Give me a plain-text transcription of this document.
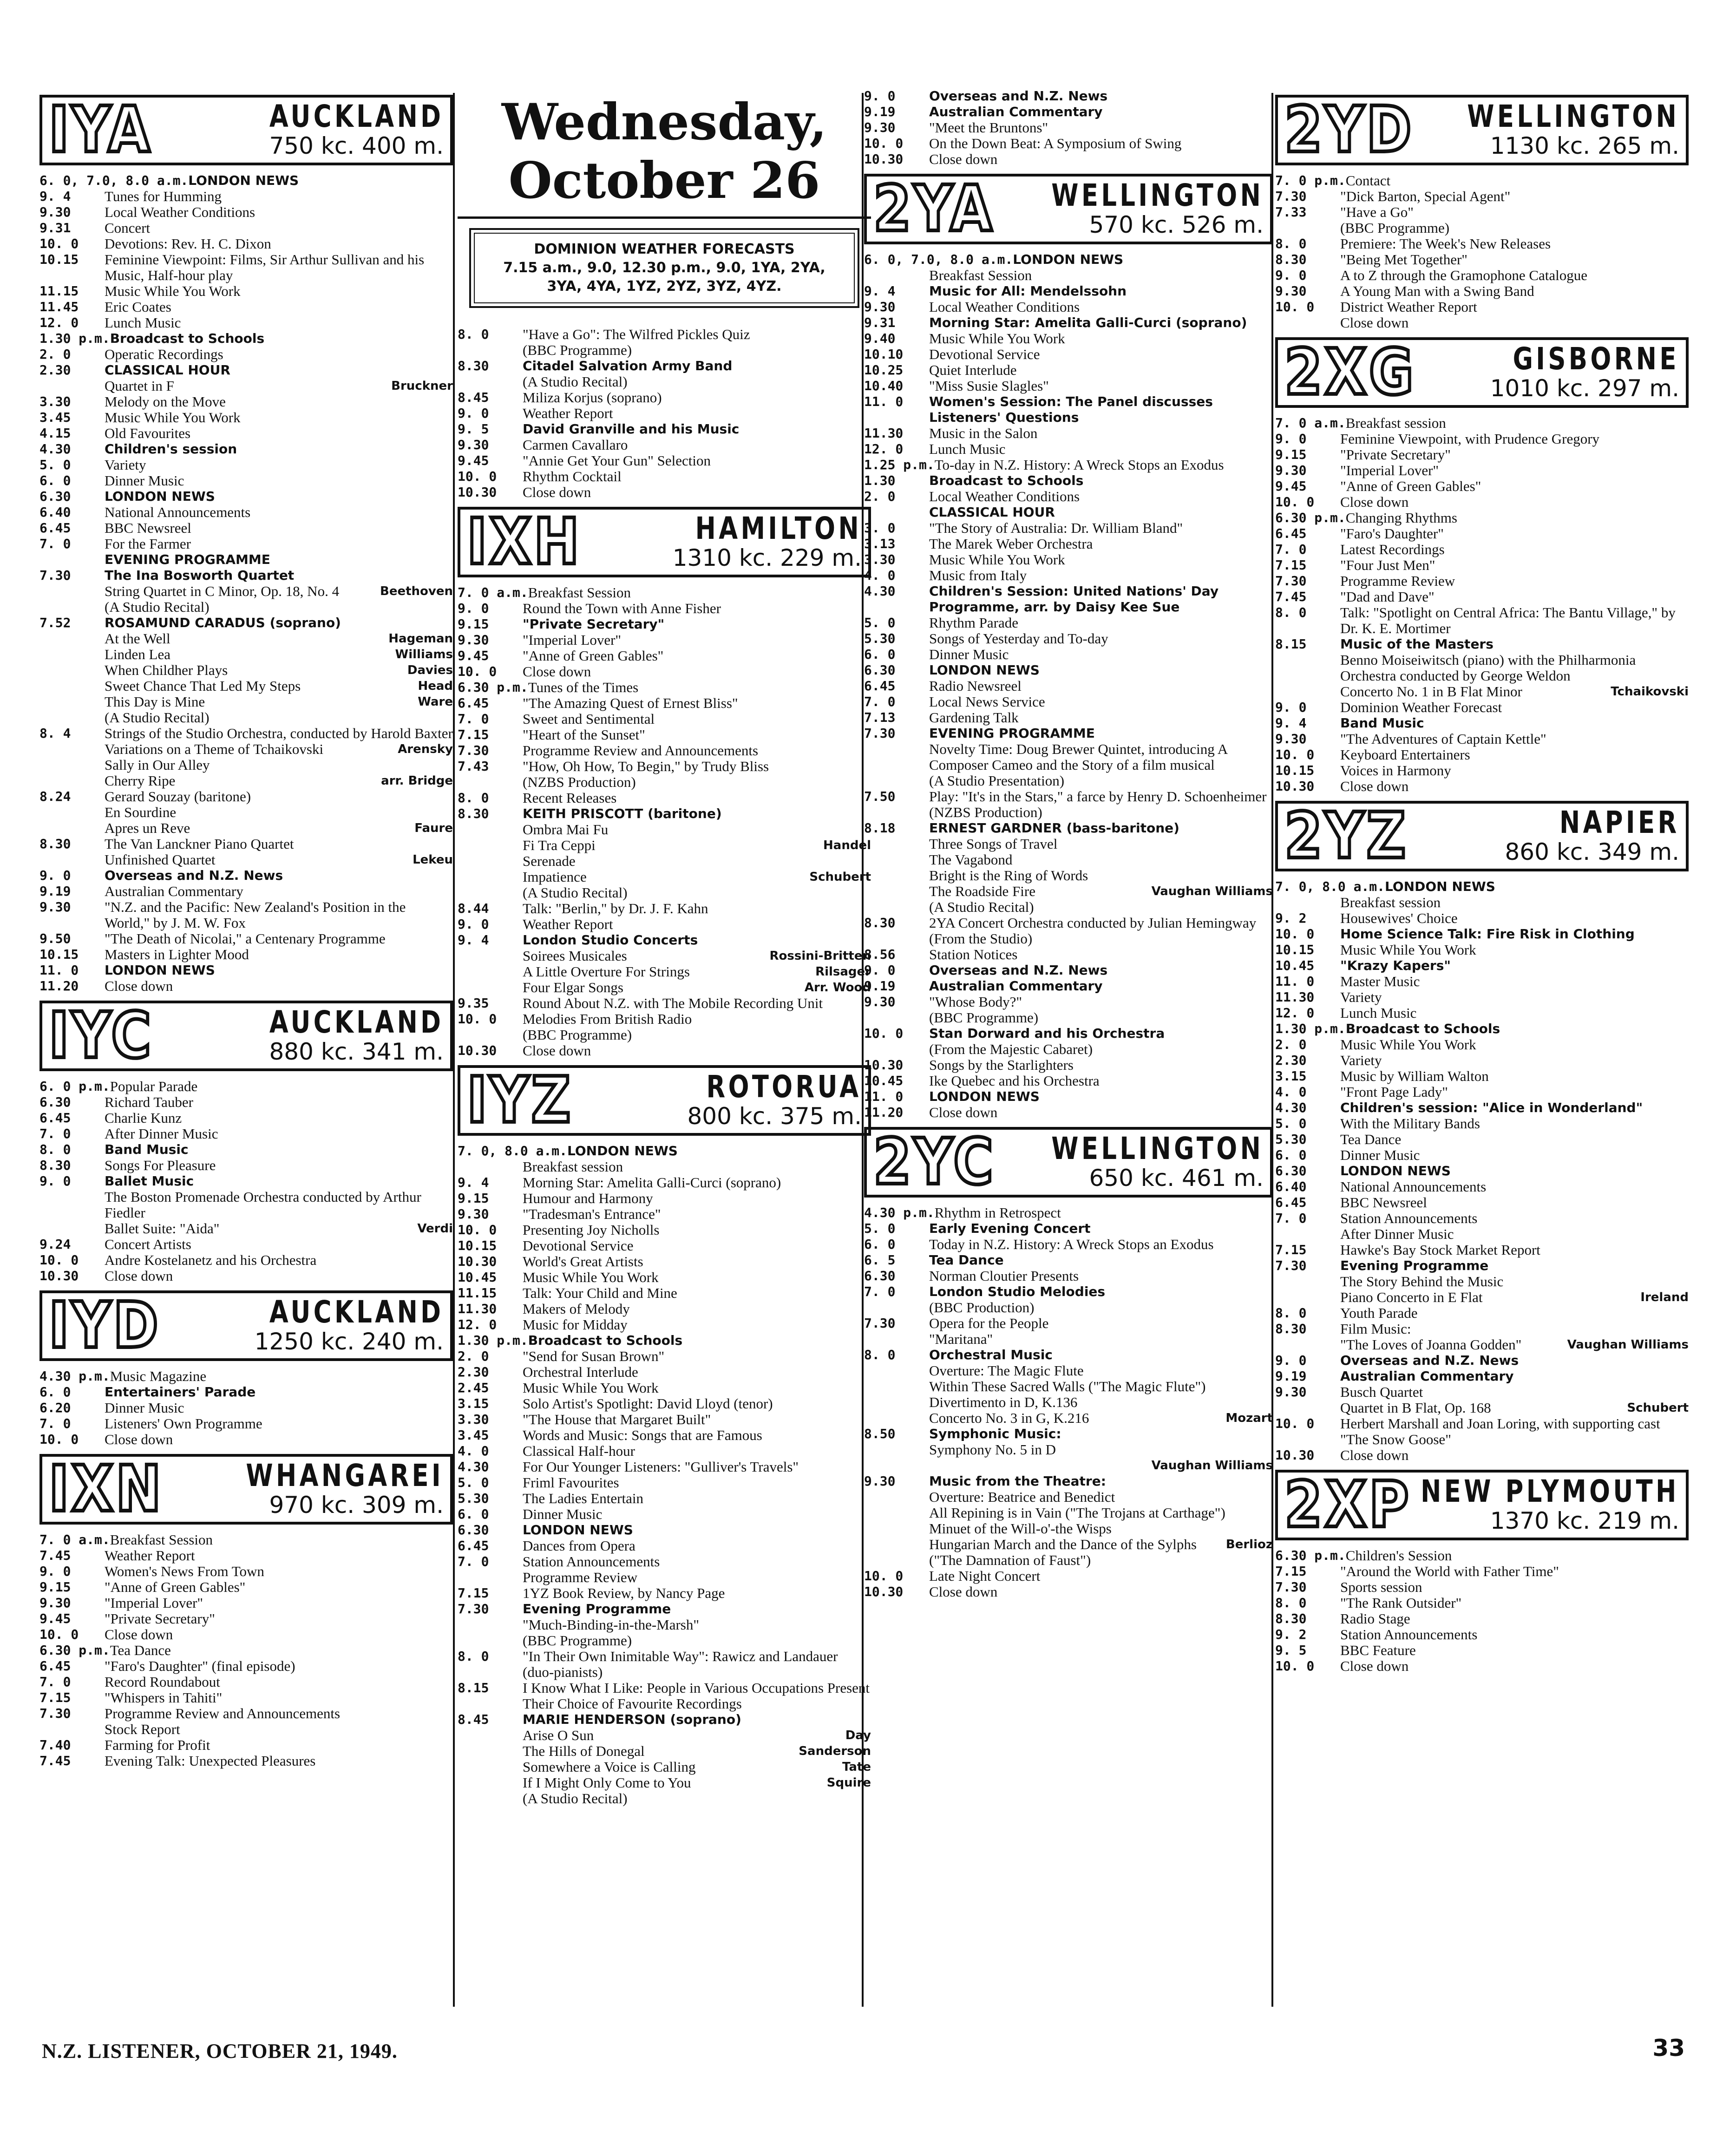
IYA	AUCKLAND
750 kc. 400 m.
6. 0, 7.0, 8.0 a.m. LONDON NEWS
9. 4	Tunes for Humming
9.30	Local Weather Conditions
9.31	Concert
10. 0	Devotions: Rev. H. C. Dixon
10.15	Feminine Viewpoint: Films, Sir Arthur Sullivan and his Music, Half-hour play
11.15	Music While You Work
11.45	Eric Coates
12. 0	Lunch Music
1.30 p.m. Broadcast to Schools
2. 0	Operatic Recordings
2.30	CLASSICAL HOUR
Quartet in F	Bruckner
3.30	Melody on the Move
3.45	Music While You Work
4.15	Old Favourites
4.30	Children's session
5. 0	Variety
6. 0	Dinner Music
6.30	LONDON NEWS
6.40	National Announcements
6.45	BBC Newsreel
7. 0	For the Farmer
EVENING PROGRAMME
7.30	The Ina Bosworth Quartet
String Quartet in C Minor, Op. 18, No. 4	Beethoven
(A Studio Recital)
7.52	ROSAMUND CARADUS (soprano)
At the Well	Hageman
Linden Lea	Williams
When Childher Plays	Davies
Sweet Chance That Led My Steps	Head
This Day is Mine	Ware
(A Studio Recital)
8. 4	Strings of the Studio Orchestra, conducted by Harold Baxter
Variations on a Theme of Tchaikovski	Arensky
Sally in Our Alley
Cherry Ripe	arr. Bridge
8.24	Gerard Souzay (baritone)
En Sourdine
Apres un Reve	Faure
8.30	The Van Lanckner Piano Quartet
Unfinished Quartet	Lekeu
9. 0	Overseas and N.Z. News
9.19	Australian Commentary
9.30	"N.Z. and the Pacific: New Zealand's Position in the World," by J. M. W. Fox
9.50	"The Death of Nicolai," a Centenary Programme
10.15	Masters in Lighter Mood
11. 0	LONDON NEWS
11.20	Close down
IYC	AUCKLAND
880 kc. 341 m.
6. 0 p.m. Popular Parade
6.30	Richard Tauber
6.45	Charlie Kunz
7. 0	After Dinner Music
8. 0	Band Music
8.30	Songs For Pleasure
9. 0	Ballet Music
The Boston Promenade Orchestra conducted by Arthur Fiedler
Ballet Suite: "Aida"	Verdi
9.24	Concert Artists
10. 0	Andre Kostelanetz and his Orchestra
10.30	Close down
IYD	AUCKLAND
1250 kc. 240 m.
4.30 p.m. Music Magazine
6. 0	Entertainers' Parade
6.20	Dinner Music
7. 0	Listeners' Own Programme
10. 0	Close down
IXN	WHANGAREI
970 kc. 309 m.
7. 0 a.m. Breakfast Session
7.45	Weather Report
9. 0	Women's News From Town
9.15	"Anne of Green Gables"
9.30	"Imperial Lover"
9.45	"Private Secretary"
10. 0	Close down
6.30 p.m. Tea Dance
6.45	"Faro's Daughter" (final episode)
7. 0	Record Roundabout
7.15	"Whispers in Tahiti"
7.30	Programme Review and Announcements
Stock Report
7.40	Farming for Profit
7.45	Evening Talk: Unexpected Pleasures
Wednesday, October 26
DOMINION WEATHER FORECASTS
7.15 a.m., 9.0, 12.30 p.m., 9.0, 1YA, 2YA, 3YA, 4YA, 1YZ, 2YZ, 3YZ, 4YZ.
8. 0	"Have a Go": The Wilfred Pickles Quiz
(BBC Programme)
8.30	Citadel Salvation Army Band
(A Studio Recital)
8.45	Miliza Korjus (soprano)
9. 0	Weather Report
9. 5	David Granville and his Music
9.30	Carmen Cavallaro
9.45	"Annie Get Your Gun" Selection
10. 0	Rhythm Cocktail
10.30	Close down
IXH	HAMILTON
1310 kc. 229 m.
7. 0 a.m. Breakfast Session
9. 0	Round the Town with Anne Fisher
9.15	"Private Secretary"
9.30	"Imperial Lover"
9.45	"Anne of Green Gables"
10. 0	Close down
6.30 p.m. Tunes of the Times
6.45	"The Amazing Quest of Ernest Bliss"
7. 0	Sweet and Sentimental
7.15	"Heart of the Sunset"
7.30	Programme Review and Announcements
7.43	"How, Oh How, To Begin," by Trudy Bliss
(NZBS Production)
8. 0	Recent Releases
8.30	KEITH PRISCOTT (baritone)
Ombra Mai Fu
Fi Tra Ceppi	Handel
Serenade
Impatience	Schubert
(A Studio Recital)
8.44	Talk: "Berlin," by Dr. J. F. Kahn
9. 0	Weather Report
9. 4	London Studio Concerts
Soirees Musicales	Rossini-Britten
A Little Overture For Strings	Rilsager
Four Elgar Songs	Arr. Wood
9.35	Round About N.Z. with The Mobile Recording Unit
10. 0	Melodies From British Radio
(BBC Programme)
10.30	Close down
IYZ	ROTORUA
800 kc. 375 m.
7. 0, 8.0 a.m. LONDON NEWS
Breakfast session
9. 4	Morning Star: Amelita Galli-Curci (soprano)
9.15	Humour and Harmony
9.30	"Tradesman's Entrance"
10. 0	Presenting Joy Nicholls
10.15	Devotional Service
10.30	World's Great Artists
10.45	Music While You Work
11.15	Talk: Your Child and Mine
11.30	Makers of Melody
12. 0	Music for Midday
1.30 p.m. Broadcast to Schools
2. 0	"Send for Susan Brown"
2.30	Orchestral Interlude
2.45	Music While You Work
3.15	Solo Artist's Spotlight: David Lloyd (tenor)
3.30	"The House that Margaret Built"
3.45	Words and Music: Songs that are Famous
4. 0	Classical Half-hour
4.30	For Our Younger Listeners: "Gulliver's Travels"
5. 0	Friml Favourites
5.30	The Ladies Entertain
6. 0	Dinner Music
6.30	LONDON NEWS
6.45	Dances from Opera
7. 0	Station Announcements
Programme Review
7.15	1YZ Book Review, by Nancy Page
7.30	Evening Programme
"Much-Binding-in-the-Marsh"
(BBC Programme)
8. 0	"In Their Own Inimitable Way": Rawicz and Landauer (duo-pianists)
8.15	I Know What I Like: People in Various Occupations Present Their Choice of Favourite Recordings
8.45	MARIE HENDERSON (soprano)
Arise O Sun	Day
The Hills of Donegal	Sanderson
Somewhere a Voice is Calling	Tate
If I Might Only Come to You	Squire
(A Studio Recital)
9. 0	Overseas and N.Z. News
9.19	Australian Commentary
9.30	"Meet the Bruntons"
10. 0	On the Down Beat: A Symposium of Swing
10.30	Close down
2YA WELLINGTON
570 kc. 526 m.
6. 0, 7.0, 8.0 a.m. LONDON NEWS
Breakfast Session
9. 4	Music for All: Mendelssohn
9.30	Local Weather Conditions
9.31	Morning Star: Amelita Galli-Curci (soprano)
9.40	Music While You Work
10.10	Devotional Service
10.25	Quiet Interlude
10.40	"Miss Susie Slagles"
11. 0	Women's Session: The Panel discusses Listeners' Questions
11.30	Music in the Salon
12. 0	Lunch Music
1.25 p.m. To-day in N.Z. History: A Wreck Stops an Exodus
1.30	Broadcast to Schools
2. 0	Local Weather Conditions
CLASSICAL HOUR
3. 0	"The Story of Australia: Dr. William Bland"
3.13	The Marek Weber Orchestra
3.30	Music While You Work
4. 0	Music from Italy
4.30	Children's Session: United Nations' Day Programme, arr. by Daisy Kee Sue
5. 0	Rhythm Parade
5.30	Songs of Yesterday and To-day
6. 0	Dinner Music
6.30	LONDON NEWS
6.45	Radio Newsreel
7. 0	Local News Service
7.13	Gardening Talk
7.30	EVENING PROGRAMME
Novelty Time: Doug Brewer Quintet, introducing A Composer Cameo and the Story of a film musical
(A Studio Presentation)
7.50	Play: "It's in the Stars," a farce by Henry D. Schoenheimer
(NZBS Production)
8.18	ERNEST GARDNER (bass-baritone)
Three Songs of Travel
The Vagabond
Bright is the Ring of Words
The Roadside Fire	Vaughan Williams
(A Studio Recital)
8.30	2YA Concert Orchestra conducted by Julian Hemingway
(From the Studio)
8.56	Station Notices
9. 0	Overseas and N.Z. News
9.19	Australian Commentary
9.30	"Whose Body?"
(BBC Programme)
10. 0	Stan Dorward and his Orchestra
(From the Majestic Cabaret)
10.30	Songs by the Starlighters
10.45	Ike Quebec and his Orchestra
11. 0	LONDON NEWS
11.20	Close down
2YC WELLINGTON
650 kc. 461 m.
4.30 p.m. Rhythm in Retrospect
5. 0	Early Evening Concert
6. 0	Today in N.Z. History: A Wreck Stops an Exodus
6. 5	Tea Dance
6.30	Norman Cloutier Presents
7. 0	London Studio Melodies
(BBC Production)
7.30	Opera for the People
"Maritana"
8. 0	Orchestral Music
Overture: The Magic Flute
Within These Sacred Walls ("The Magic Flute")
Divertimento in D, K.136
Concerto No. 3 in G, K.216	Mozart
8.50	Symphonic Music:
Symphony No. 5 in D
Vaughan Williams
9.30	Music from the Theatre:
Overture: Beatrice and Benedict
All Repining is in Vain ("The Trojans at Carthage")
Minuet of the Will-o'-the Wisps
Hungarian March and the Dance of the Sylphs ("The Damnation of Faust")
Berlioz
10. 0	Late Night Concert
10.30	Close down
2YD WELLINGTON
1130 kc. 265 m.
7. 0 p.m. Contact
7.30	"Dick Barton, Special Agent"
7.33	"Have a Go"
(BBC Programme)
8. 0	Premiere: The Week's New Releases
8.30	"Being Met Together"
9. 0	A to Z through the Gramophone Catalogue
9.30	A Young Man with a Swing Band
10. 0	District Weather Report
Close down
2XG	GISBORNE
1010 kc. 297 m.
7. 0 a.m. Breakfast session
9. 0	Feminine Viewpoint, with Prudence Gregory
9.15	"Private Secretary"
9.30	"Imperial Lover"
9.45	"Anne of Green Gables"
10. 0	Close down
6.30 p.m. Changing Rhythms
6.45	"Faro's Daughter"
7. 0	Latest Recordings
7.15	"Four Just Men"
7.30	Programme Review
7.45	"Dad and Dave"
8. 0	Talk: "Spotlight on Central Africa: The Bantu Village," by Dr. K. E. Mortimer
8.15	Music of the Masters
Benno Moiseiwitsch (piano) with the Philharmonia Orchestra conducted by George Weldon
Concerto No. 1 in B Flat Minor	Tchaikovski
9. 0	Dominion Weather Forecast
9. 4	Band Music
9.30	"The Adventures of Captain Kettle"
10. 0	Keyboard Entertainers
10.15	Voices in Harmony
10.30	Close down
2YZ	NAPIER
860 kc. 349 m.
7. 0, 8.0 a.m. LONDON NEWS
Breakfast session
9. 2	Housewives' Choice
10. 0	Home Science Talk: Fire Risk in Clothing
10.15	Music While You Work
10.45	"Krazy Kapers"
11. 0	Master Music
11.30	Variety
12. 0	Lunch Music
1.30 p.m. Broadcast to Schools
2. 0	Music While You Work
2.30	Variety
3.15	Music by William Walton
4. 0	"Front Page Lady"
4.30	Children's session: "Alice in Wonderland"
5. 0	With the Military Bands
5.30	Tea Dance
6. 0	Dinner Music
6.30	LONDON NEWS
6.40	National Announcements
6.45	BBC Newsreel
7. 0	Station Announcements
After Dinner Music
7.15	Hawke's Bay Stock Market Report
7.30	Evening Programme
The Story Behind the Music
Piano Concerto in E Flat	Ireland
8. 0	Youth Parade
8.30	Film Music:
"The Loves of Joanna Godden"	Vaughan Williams
9. 0	Overseas and N.Z. News
9.19	Australian Commentary
9.30	Busch Quartet
Quartet in B Flat, Op. 168	Schubert
10. 0	Herbert Marshall and Joan Loring, with supporting cast
"The Snow Goose"
10.30	Close down
2XP NEW PLYMOUTH
1370 kc. 219 m.
6.30 p.m. Children's Session
7.15	"Around the World with Father Time"
7.30	Sports session
8. 0	"The Rank Outsider"
8.30	Radio Stage
9. 2	Station Announcements
9. 5	BBC Feature
10. 0	Close down
N.Z. LISTENER, OCTOBER 21, 1949.	33
